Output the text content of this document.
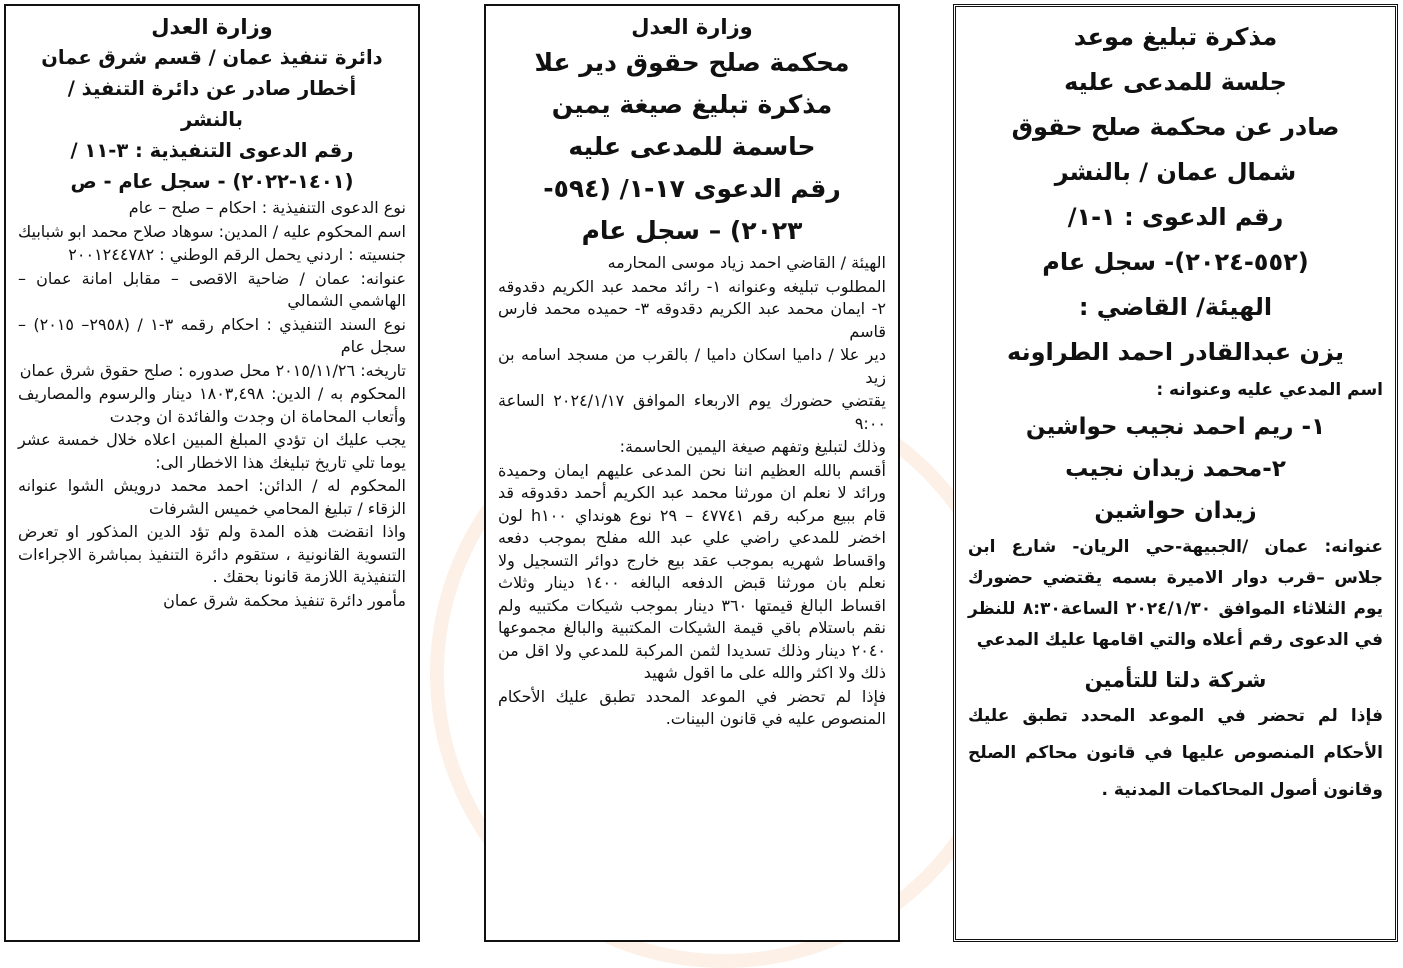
وزارة العدل
دائرة تنفيذ عمان / قسم شرق عمان
أخطار صادر عن دائرة التنفيذ /
بالنشر
رقم الدعوى التنفيذية : ٣-١١ /
(١٤٠١-٢٠٢٢) - سجل عام - ص

نوع الدعوى التنفيذية : احكام – صلح – عام

اسم المحكوم عليه / المدين: سوهاد صلاح محمد ابو شبابيك

جنسيته : اردني يحمل الرقم الوطني : ٢٠٠١٢٤٤٧٨٢

عنوانه: عمان / ضاحية الاقصى – مقابل امانة عمان – الهاشمي الشمالي

نوع السند التنفيذي : احكام رقمه ٣-١ / (٢٩٥٨– ٢٠١٥) – سجل عام

تاريخه: ٢٠١٥/١١/٢٦ محل صدوره : صلح حقوق شرق عمان

المحكوم به / الدين: ١٨٠٣,٤٩٨ دينار والرسوم والمصاريف وأتعاب المحاماة ان وجدت والفائدة ان وجدت

يجب عليك ان تؤدي المبلغ المبين اعلاه خلال خمسة عشر يوما تلي تاريخ تبليغك هذا الاخطار الى:

المحكوم له / الدائن: احمد محمد درويش الشوا عنوانه الزقاء / تبليغ المحامي خميس الشرفات

واذا انقضت هذه المدة ولم تؤد الدين المذكور او تعرض التسوية القانونية ، ستقوم دائرة التنفيذ بمباشرة الاجراءات التنفيذية اللازمة قانونا بحقك .

مأمور دائرة تنفيذ محكمة شرق عمان

وزارة العدل
محكمة صلح حقوق دير علا
مذكرة تبليغ صيغة يمين
حاسمة للمدعى عليه
رقم الدعوى ١٧-١/ (٥٩٤-
٢٠٢٣) – سجل عام

الهيئة / القاضي احمد زياد موسى المحارمه

المطلوب تبليغه وعنوانه ١- رائد محمد عبد الكريم دقدوقه ٢- ايمان محمد عبد الكريم دقدوقه ٣- حميده محمد فارس قاسم

دير علا / داميا اسكان داميا / بالقرب من مسجد اسامه بن زيد

يقتضي حضورك يوم الاربعاء الموافق ٢٠٢٤/١/١٧ الساعة ٩:٠٠

وذلك لتبليغ وتفهم صيغة اليمين الحاسمة:

أقسم بالله العظيم اننا نحن المدعى عليهم ايمان وحميدة ورائد لا نعلم ان مورثنا محمد عبد الكريم أحمد دقدوقه قد قام ببيع مركبه رقم ٤٧٧٤١ – ٢٩ نوع هونداي h١٠٠ لون اخضر للمدعي راضي علي عبد الله مفلح بموجب دفعه واقساط شهريه بموجب عقد بيع خارج دوائر التسجيل ولا نعلم بان مورثنا قبض الدفعه البالغه ١٤٠٠ دينار وثلاث اقساط البالغ قيمتها ٣٦٠ دينار بموجب شيكات مكتبيه ولم نقم باستلام باقي قيمة الشيكات المكتبية والبالغ مجموعها ٢٠٤٠ دينار وذلك تسديدا لثمن المركبة للمدعي ولا اقل من ذلك ولا اكثر والله على ما اقول شهيد

فإذا لم تحضر في الموعد المحدد تطبق عليك الأحكام المنصوص عليه في قانون البينات.

مذكرة تبليغ موعد
جلسة للمدعى عليه
صادر عن محكمة صلح حقوق
شمال عمان / بالنشر
رقم الدعوى : ١-١/
(٥٥٢-٢٠٢٤)- سجل عام
الهيئة/ القاضي :
يزن عبدالقادر احمد الطراونه
اسم المدعي عليه وعنوانه :
١- ريم احمد نجيب حواشين
٢-محمد زيدان نجيب
زيدان حواشين
عنوانه: عمان /الجبيهة-حي الريان- شارع ابن جلاس –قرب دوار الاميرة بسمه يقتضي حضورك يوم الثلاثاء الموافق ٢٠٢٤/١/٣٠ الساعة٨:٣٠ للنظر في الدعوى رقم أعلاه والتي اقامها عليك المدعي
شركة دلتا للتأمين
فإذا لم تحضر في الموعد المحدد تطبق عليك الأحكام المنصوص عليها في قانون محاكم الصلح وقانون أصول المحاكمات المدنية .
